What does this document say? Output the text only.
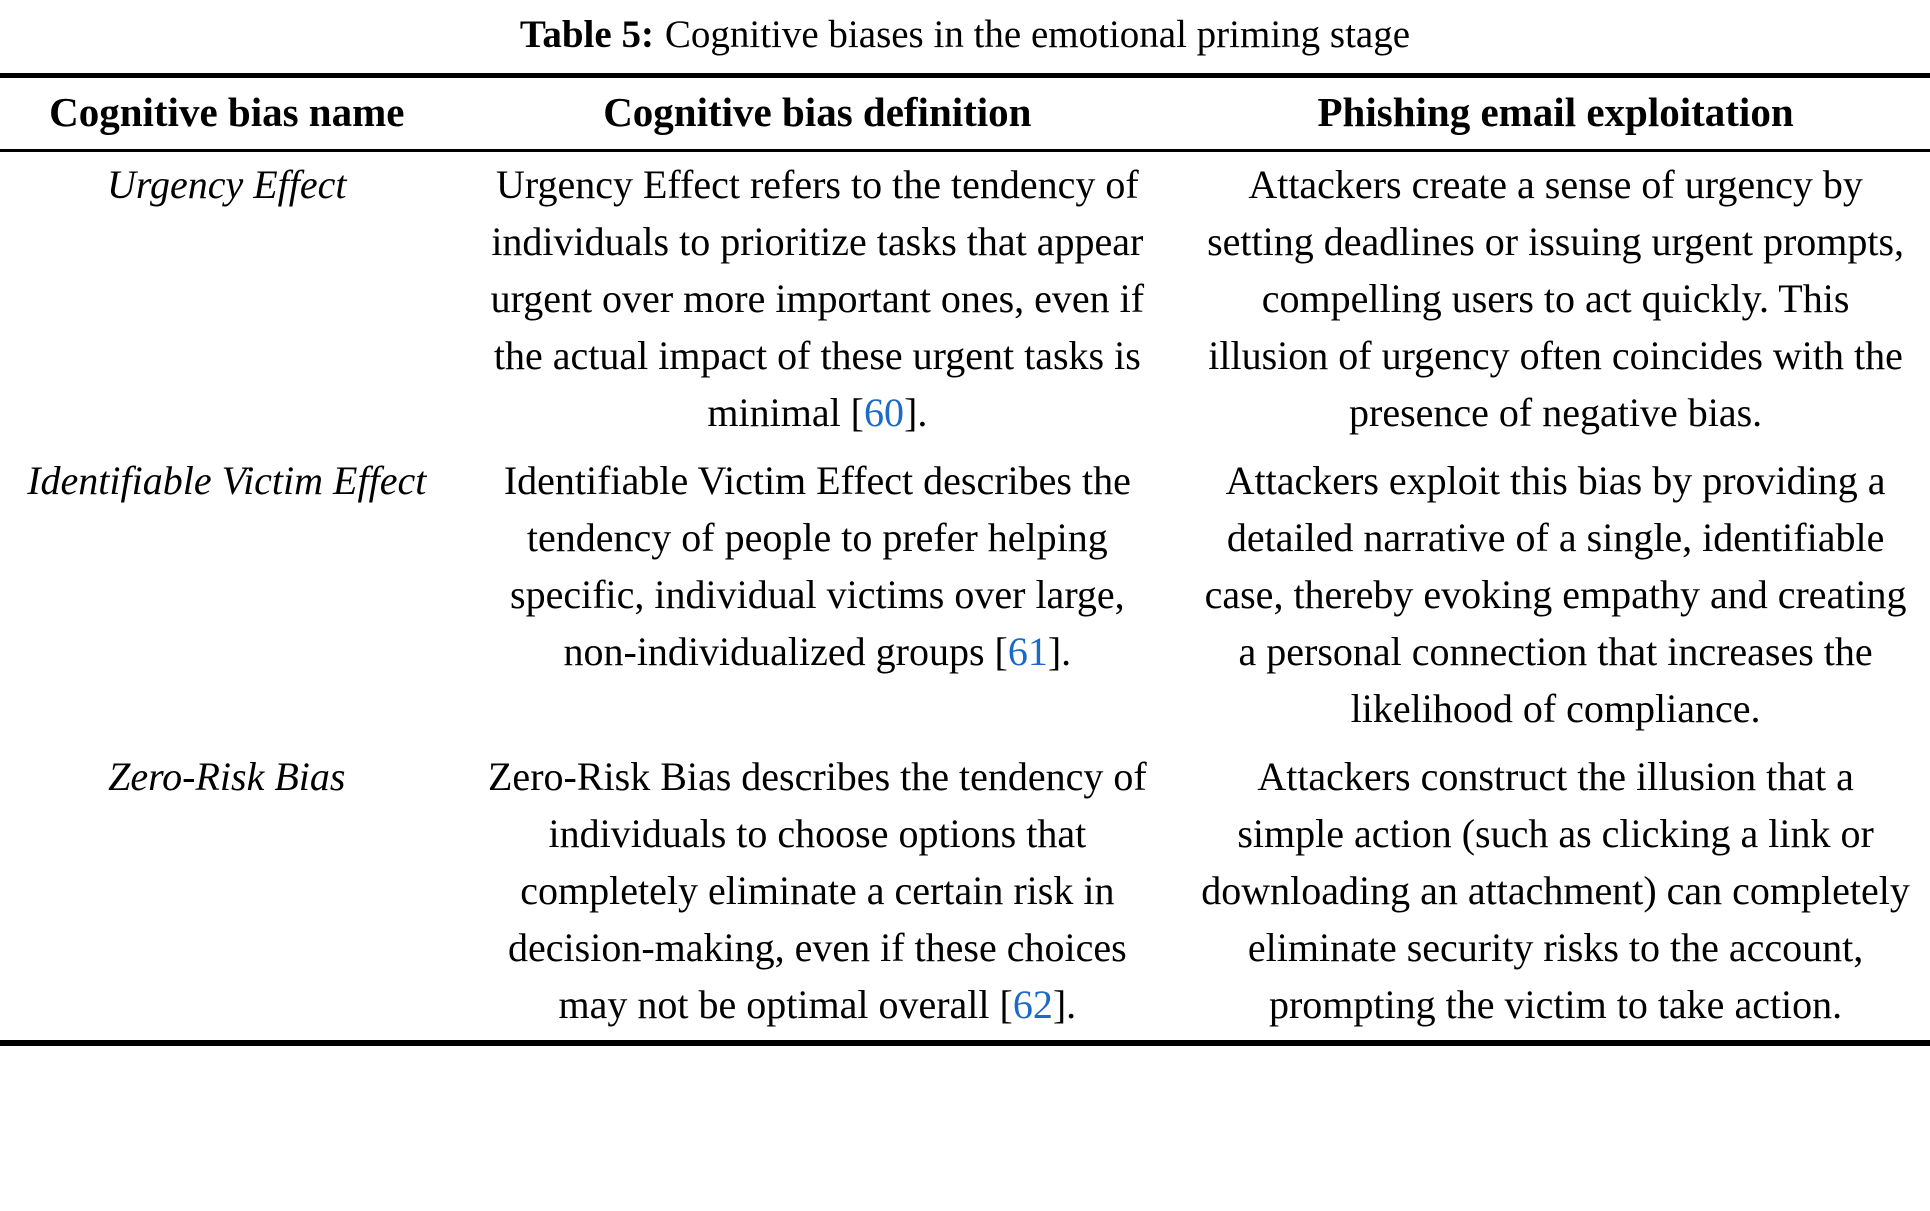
Table 5: Cognitive biases in the emotional priming stage
Cognitive bias name	Cognitive bias definition	Phishing email exploitation
Urgency Effect	Urgency Effect refers to the tendency of individuals to prioritize tasks that appear urgent over more important ones, even if the actual impact of these urgent tasks is minimal [60].	Attackers create a sense of urgency by setting deadlines or issuing urgent prompts, compelling users to act quickly. This illusion of urgency often coincides with the presence of negative bias.
Identifiable Victim Effect	Identifiable Victim Effect describes the tendency of people to prefer helping specific, individual victims over large, non-individualized groups [61].	Attackers exploit this bias by providing a detailed narrative of a single, identifiable case, thereby evoking empathy and creating a personal connection that increases the likelihood of compliance.
Zero-Risk Bias	Zero-Risk Bias describes the tendency of individuals to choose options that completely eliminate a certain risk in decision-making, even if these choices may not be optimal overall [62].	Attackers construct the illusion that a simple action (such as clicking a link or downloading an attachment) can completely eliminate security risks to the account, prompting the victim to take action.
